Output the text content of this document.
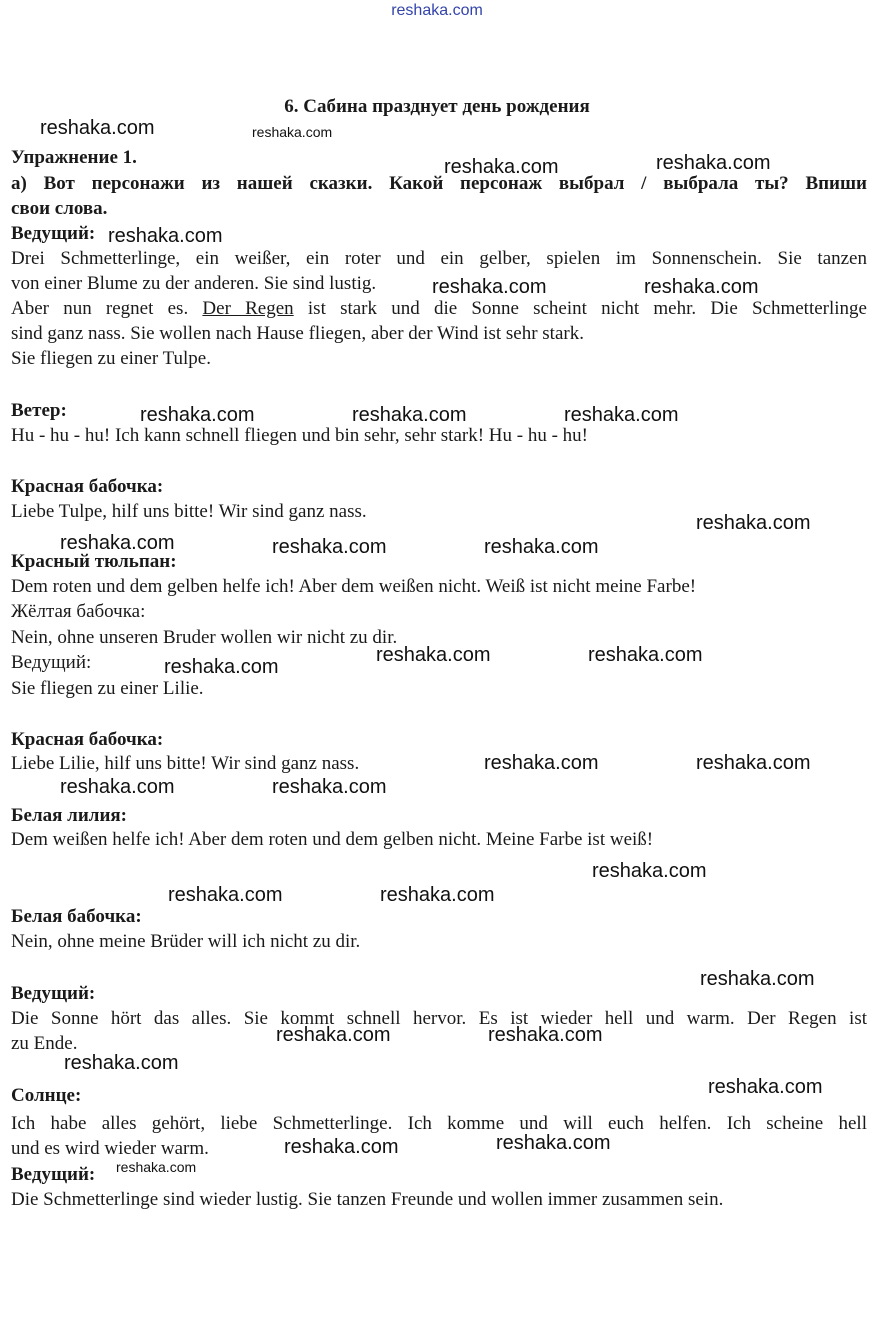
reshaka.com
6. Сабина празднует день рождения
Упражнение 1.
а) Вот персонажи из нашей сказки. Какой персонаж выбрал / выбрала ты? Впиши
свои слова.
Ведущий:
Drei Schmetterlinge, ein weißer, ein roter und ein gelber, spielen im Sonnenschein. Sie tanzen
von einer Blume zu der anderen. Sie sind lustig.
Aber nun regnet es. Der Regen ist stark und die Sonne scheint nicht mehr. Die Schmetterlinge
sind ganz nass. Sie wollen nach Hause fliegen, aber der Wind ist sehr stark.
Sie fliegen zu einer Tulpe.
Ветер:
Hu - hu - hu! Ich kann schnell fliegen und bin sehr, sehr stark! Hu - hu - hu!
Красная бабочка:
Liebe Tulpe, hilf uns bitte! Wir sind ganz nass.
Красный тюльпан:
Dem roten und dem gelben helfe ich! Aber dem weißen nicht. Weiß ist nicht meine Farbe!
Жёлтая бабочка:
Nein, ohne unseren Bruder wollen wir nicht zu dir.
Ведущий:
Sie fliegen zu einer Lilie.
Красная бабочка:
Liebe Lilie, hilf uns bitte! Wir sind ganz nass.
Белая лилия:
Dem weißen helfe ich! Aber dem roten und dem gelben nicht. Meine Farbe ist weiß!
Белая бабочка:
Nein, ohne meine Brüder will ich nicht zu dir.
Ведущий:
Die Sonne hört das alles. Sie kommt schnell hervor. Es ist wieder hell und warm. Der Regen ist
zu Ende.
Солнце:
Ich habe alles gehört, liebe Schmetterlinge. Ich komme und will euch helfen. Ich scheine hell
und es wird wieder warm.
Ведущий:
Die Schmetterlinge sind wieder lustig. Sie tanzen Freunde und wollen immer zusammen sein.
reshaka.com	reshaka.com
reshaka.com	reshaka.com
reshaka.com
reshaka.com	reshaka.com
reshaka.com	reshaka.com	reshaka.com
reshaka.com
reshaka.com	reshaka.com	reshaka.com
reshaka.com	reshaka.com
reshaka.com
reshaka.com	reshaka.com
reshaka.com	reshaka.com
reshaka.com
reshaka.com	reshaka.com
reshaka.com
reshaka.com	reshaka.com
reshaka.com
reshaka.com
reshaka.com
reshaka.com
reshaka.com
